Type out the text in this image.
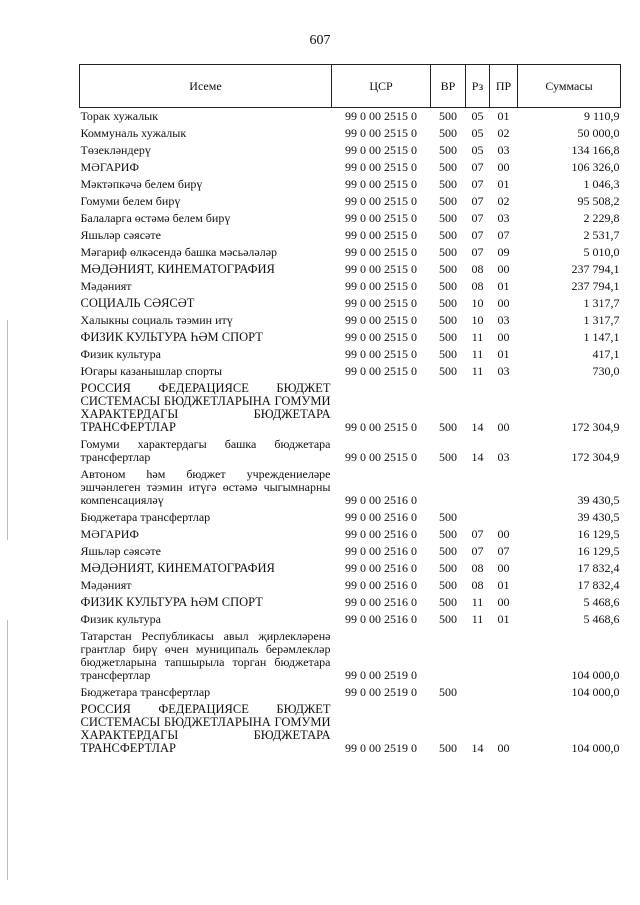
607
Исеме	ЦСР	ВР	Рз	ПР	Суммасы
Торак хужалык	99 0 00 2515 0	500	05	01	9 110,9
Коммуналь хужалык	99 0 00 2515 0	500	05	02	50 000,0
Төзекләндерү	99 0 00 2515 0	500	05	03	134 166,8
МӘГАРИФ	99 0 00 2515 0	500	07	00	106 326,0
Мәктәпкәчә белем бирү	99 0 00 2515 0	500	07	01	1 046,3
Гомуми белем бирү	99 0 00 2515 0	500	07	02	95 508,2
Балаларга өстәмә белем бирү	99 0 00 2515 0	500	07	03	2 229,8
Яшьләр сәясәте	99 0 00 2515 0	500	07	07	2 531,7
Мәгариф өлкәсендә башка мәсьәләләр	99 0 00 2515 0	500	07	09	5 010,0
МӘДӘНИЯТ, КИНЕМАТОГРАФИЯ	99 0 00 2515 0	500	08	00	237 794,1
Мәдәният	99 0 00 2515 0	500	08	01	237 794,1
СОЦИАЛЬ СӘЯСӘТ	99 0 00 2515 0	500	10	00	1 317,7
Халыкны социаль тәэмин итү	99 0 00 2515 0	500	10	03	1 317,7
ФИЗИК КУЛЬТУРА ҺӘМ СПОРТ	99 0 00 2515 0	500	11	00	1 147,1
Физик культура	99 0 00 2515 0	500	11	01	417,1
Югары казанышлар спорты	99 0 00 2515 0	500	11	03	730,0
РОССИЯ ФЕДЕРАЦИЯСЕ БЮДЖЕТ СИСТЕМАСЫ БЮДЖЕТЛАРЫНА ГОМУМИ ХАРАКТЕРДАГЫ БЮДЖЕТАРА ТРАНСФЕРТЛАР	99 0 00 2515 0	500	14	00	172 304,9
Гомуми характердагы башка бюджетара трансфертлар	99 0 00 2515 0	500	14	03	172 304,9
Автоном һәм бюджет учреждениеләре эшчәнлеген тәэмин итүгә өстәмә чыгымнарны компенсацияләү	99 0 00 2516 0				39 430,5
Бюджетара трансфертлар	99 0 00 2516 0	500			39 430,5
МӘГАРИФ	99 0 00 2516 0	500	07	00	16 129,5
Яшьләр сәясәте	99 0 00 2516 0	500	07	07	16 129,5
МӘДӘНИЯТ, КИНЕМАТОГРАФИЯ	99 0 00 2516 0	500	08	00	17 832,4
Мәдәният	99 0 00 2516 0	500	08	01	17 832,4
ФИЗИК КУЛЬТУРА ҺӘМ СПОРТ	99 0 00 2516 0	500	11	00	5 468,6
Физик культура	99 0 00 2516 0	500	11	01	5 468,6
Татарстан Республикасы авыл җирлекләренә грантлар бирү өчен муниципаль берәмлекләр бюджетларына тапшырыла торган бюджетара трансфертлар	99 0 00 2519 0				104 000,0
Бюджетара трансфертлар	99 0 00 2519 0	500			104 000,0
РОССИЯ ФЕДЕРАЦИЯСЕ БЮДЖЕТ СИСТЕМАСЫ БЮДЖЕТЛАРЫНА ГОМУМИ ХАРАКТЕРДАГЫ БЮДЖЕТАРА ТРАНСФЕРТЛАР	99 0 00 2519 0	500	14	00	104 000,0
